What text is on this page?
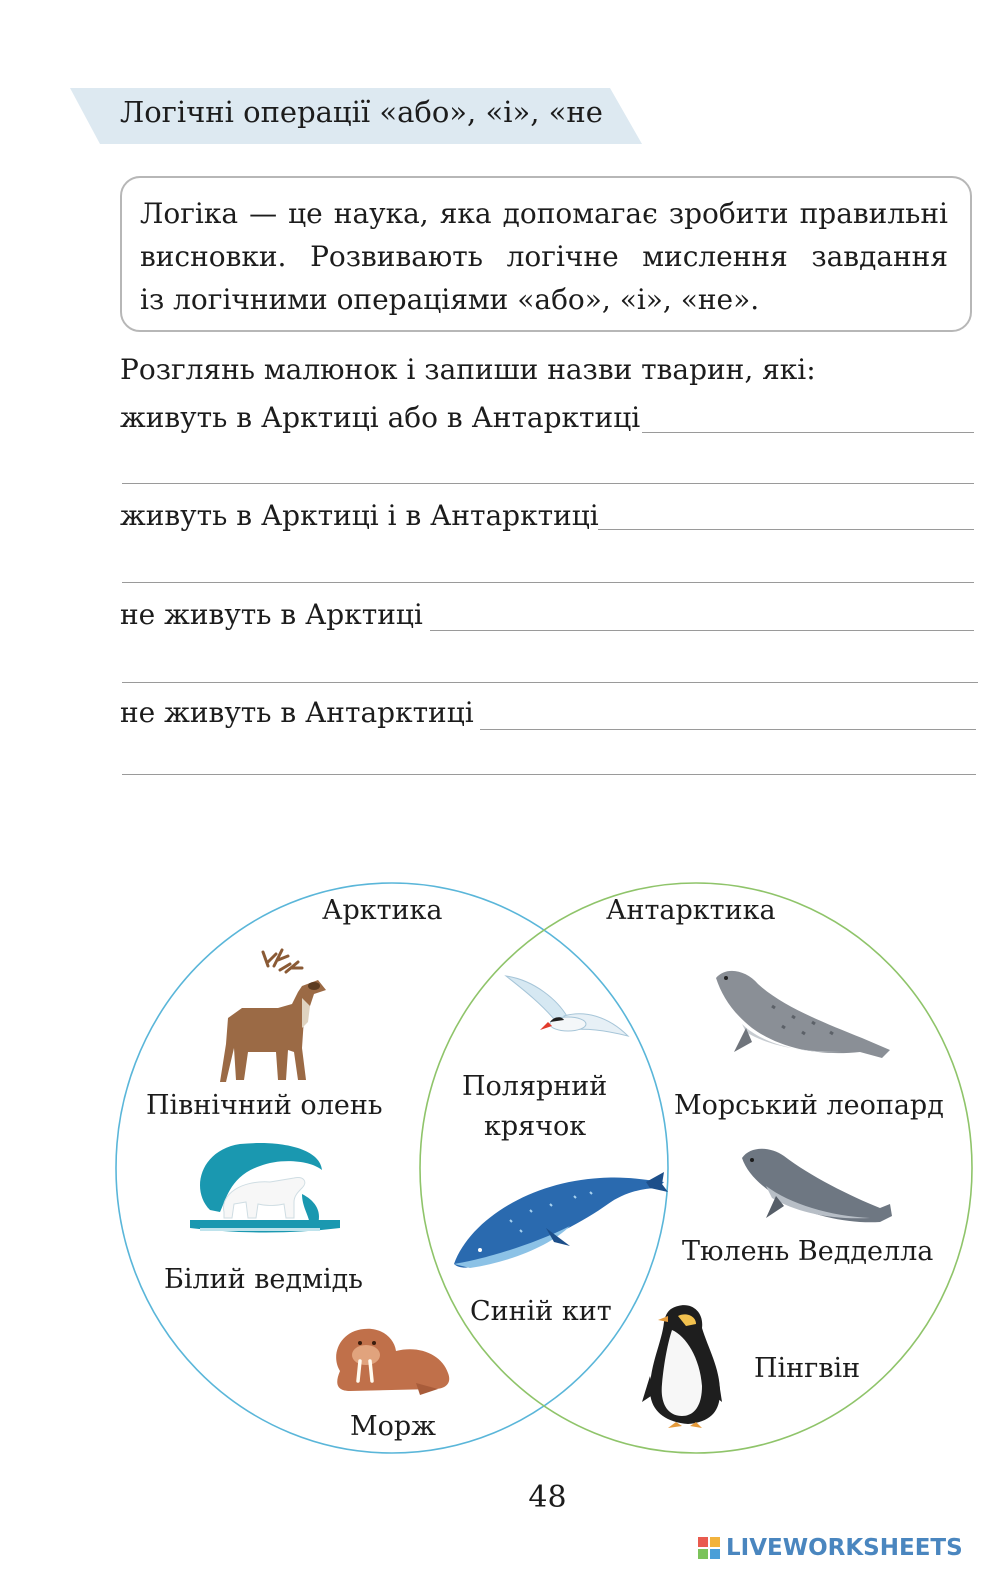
Логічні операції «або», «і», «не
Логіка — це наука, яка допомагає зробити правильні
висновки. Розвивають логічне мислення завдання
із логічними операціями «або», «і», «не».
Розглянь малюнок і запиши назви тварин, які:
живуть в Арктиці або в Антарктиці
живуть в Арктиці і в Антарктиці
не живуть в Арктиці
не живуть в Антарктиці
Арктика	Антарктика
Північний олень
Білий ведмідь
Морж
Полярний
крячок
Синій кит
Морський леопард
Тюлень Ведделла
Пінгвін
48
LIVEWORKSHEETS
